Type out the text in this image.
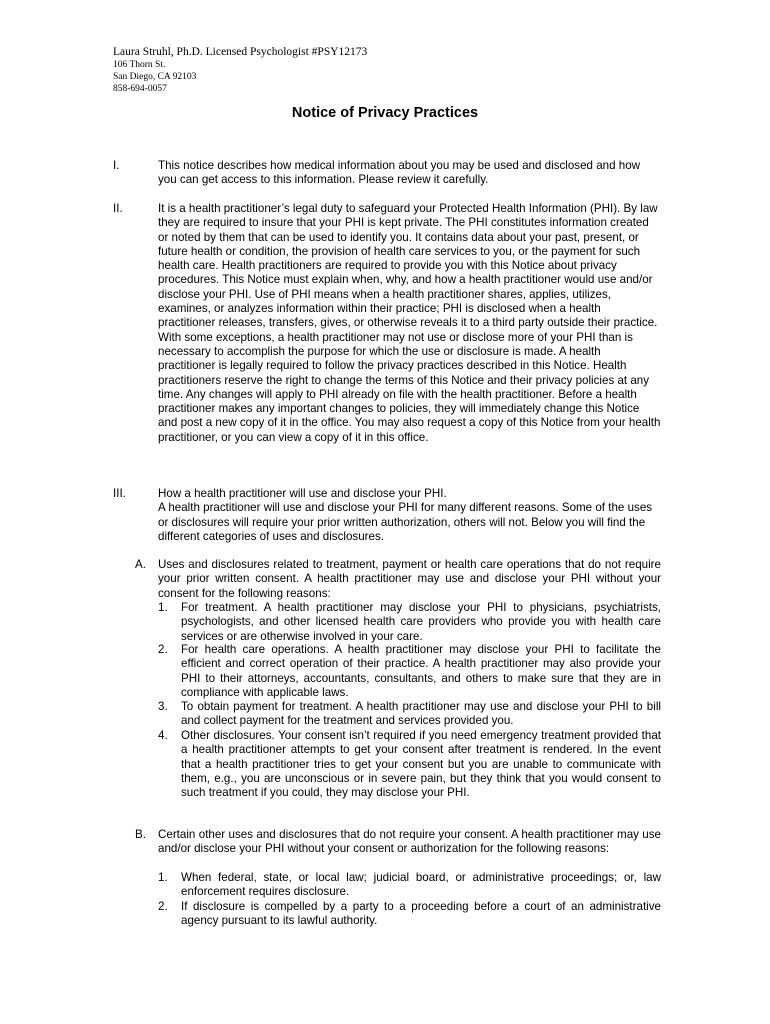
Laura Struhl, Ph.D. Licensed Psychologist #PSY12173
106 Thorn St.
San Diego, CA 92103
858-694-0057
Notice of Privacy Practices
I.	This notice describes how medical information about you may be used and disclosed and how you can get access to this information. Please review it carefully.
II.	It is a health practitioner’s legal duty to safeguard your Protected Health Information (PHI). By law they are required to insure that your PHI is kept private. The PHI constitutes information created or noted by them that can be used to identify you. It contains data about your past, present, or future health or condition, the provision of health care services to you, or the payment for such health care. Health practitioners are required to provide you with this Notice about privacy procedures. This Notice must explain when, why, and how a health practitioner would use and/or disclose your PHI. Use of PHI means when a health practitioner shares, applies, utilizes, examines, or analyzes information within their practice; PHI is disclosed when a health practitioner releases, transfers, gives, or otherwise reveals it to a third party outside their practice. With some exceptions, a health practitioner may not use or disclose more of your PHI than is necessary to accomplish the purpose for which the use or disclosure is made. A health practitioner is legally required to follow the privacy practices described in this Notice. Health practitioners reserve the right to change the terms of this Notice and their privacy policies at any time. Any changes will apply to PHI already on file with the health practitioner. Before a health practitioner makes any important changes to policies, they will immediately change this Notice and post a new copy of it in the office. You may also request a copy of this Notice from your health practitioner, or you can view a copy of it in this office.
III.	How a health practitioner will use and disclose your PHI.
A health practitioner will use and disclose your PHI for many different reasons. Some of the uses or disclosures will require your prior written authorization, others will not. Below you will find the different categories of uses and disclosures.
A. Uses and disclosures related to treatment, payment or health care operations that do not require your prior written consent. A health practitioner may use and disclose your PHI without your consent for the following reasons:
1. For treatment. A health practitioner may disclose your PHI to physicians, psychiatrists, psychologists, and other licensed health care providers who provide you with health care services or are otherwise involved in your care.
2. For health care operations. A health practitioner may disclose your PHI to facilitate the efficient and correct operation of their practice. A health practitioner may also provide your PHI to their attorneys, accountants, consultants, and others to make sure that they are in compliance with applicable laws.
3. To obtain payment for treatment. A health practitioner may use and disclose your PHI to bill and collect payment for the treatment and services provided you.
4. Other disclosures. Your consent isn’t required if you need emergency treatment provided that a health practitioner attempts to get your consent after treatment is rendered. In the event that a health practitioner tries to get your consent but you are unable to communicate with them, e.g., you are unconscious or in severe pain, but they think that you would consent to such treatment if you could, they may disclose your PHI.
B. Certain other uses and disclosures that do not require your consent. A health practitioner may use and/or disclose your PHI without your consent or authorization for the following reasons:
1. When federal, state, or local law; judicial board, or administrative proceedings; or, law enforcement requires disclosure.
2. If disclosure is compelled by a party to a proceeding before a court of an administrative agency pursuant to its lawful authority.
